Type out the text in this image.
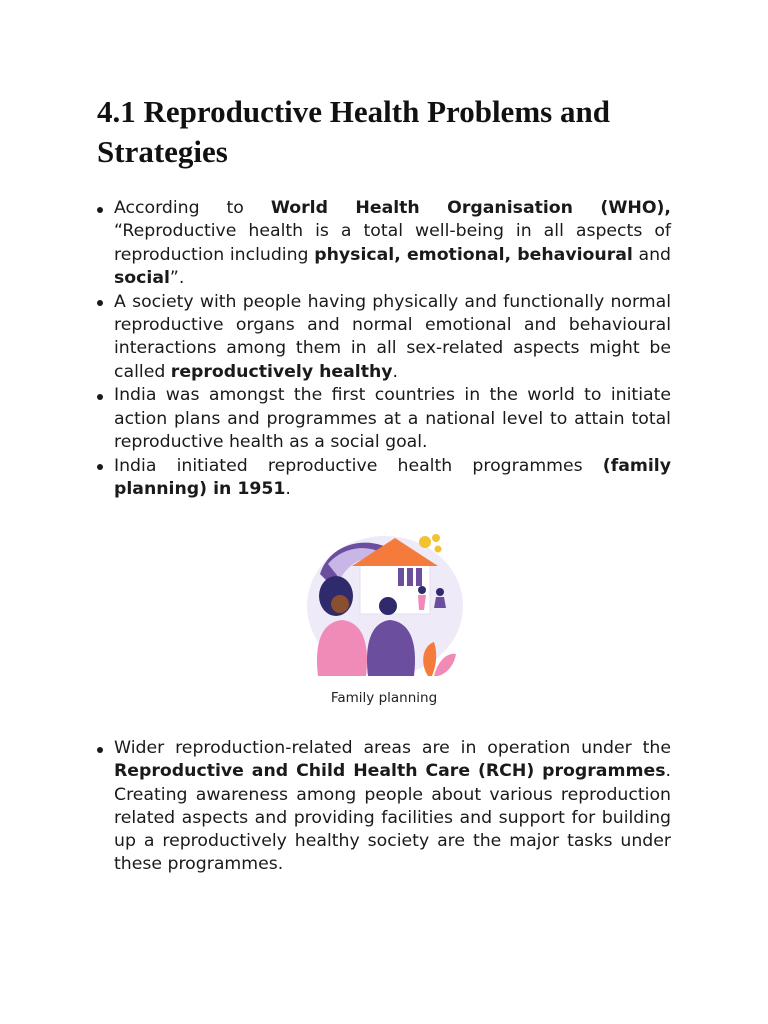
4.1 Reproductive Health Problems and Strategies
According to World Health Organisation (WHO), “Reproductive health is a total well-being in all aspects of reproduction including physical, emotional, behavioural and social”.
A society with people having physically and functionally normal reproductive organs and normal emotional and behavioural interactions among them in all sex-related aspects might be called reproductively healthy.
India was amongst the first countries in the world to initiate action plans and programmes at a national level to attain total reproductive health as a social goal.
India initiated reproductive health programmes (family planning) in 1951.
Family planning
Wider reproduction-related areas are in operation under the Reproductive and Child Health Care (RCH) programmes. Creating awareness among people about various reproduction related aspects and providing facilities and support for building up a reproductively healthy society are the major tasks under these programmes.
